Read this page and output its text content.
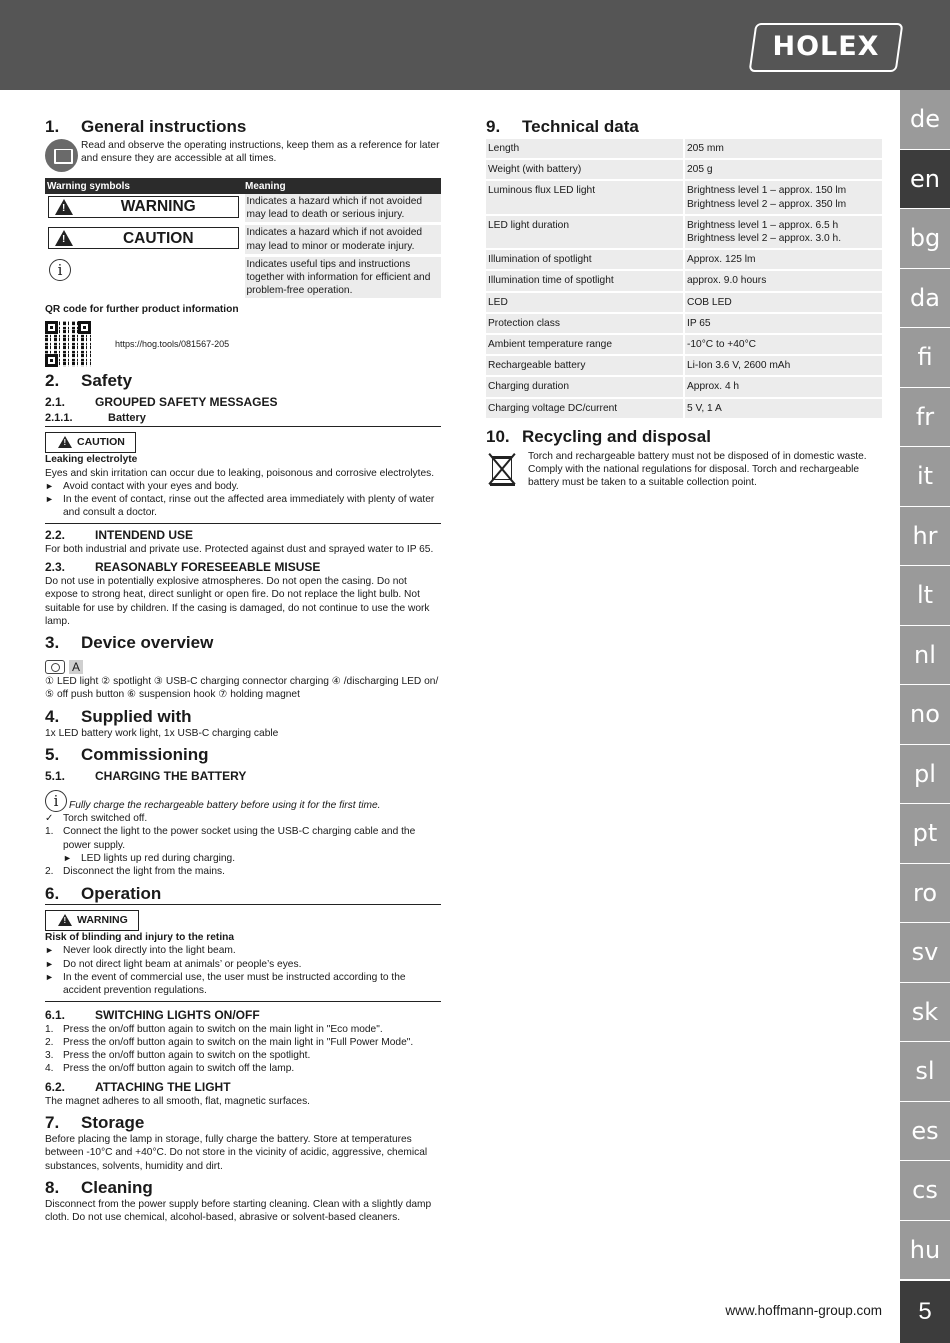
HOLEX
de
en
bg
da
fi
fr
it
hr
lt
nl
no
pl
pt
ro
sv
sk
sl
es
cs
hu
5
1.	General instructions

Read and observe the operating instructions, keep them as a reference for later and ensure they are accessible at all times.

Warning symbols	Meaning

!
WARNING	Indicates a hazard which if not avoided may lead to death or serious injury.

!
CAUTION	Indicates a hazard which if not avoided may lead to minor or moderate injury.

i	Indicates useful tips and instructions together with information for efficient and problem-free operation.

QR code for further product information

https://hog.tools/081567-205
2.	Safety
2.1.	GROUPED SAFETY MESSAGES
2.1.1.	Battery
!
CAUTION

Leaking electrolyte

Eyes and skin irritation can occur due to leaking, poisonous and corrosive electrolytes.

► Avoid contact with your eyes and body.
► In the event of contact, rinse out the affected area immediately with plenty of water and consult a doctor.
2.2.	INTENDEND USE

For both industrial and private use. Protected against dust and sprayed water to IP 65.

2.3.	REASONABLY FORESEEABLE MISUSE

Do not use in potentially explosive atmospheres. Do not open the casing. Do not expose to strong heat, direct sunlight or open fire. Do not replace the light bulb. Not suitable for use by children. If the casing is damaged, do not continue to use the work lamp.

3.	Device overview
A

① LED light ② spotlight ③ USB-C charging connector charging ④ /discharging LED on/ ⑤ off push button ⑥ suspension hook ⑦ holding magnet

4.	Supplied with

1x LED battery work light, 1x USB-C charging cable

5.	Commissioning
5.1.	CHARGING THE BATTERY
i	Fully charge the rechargeable battery before using it for the first time.

✓ Torch switched off.
1. Connect the light to the power socket using the USB-C charging cable and the power supply.
► LED lights up red during charging.
2. Disconnect the light from the mains.
6.	Operation
!
WARNING

Risk of blinding and injury to the retina

► Never look directly into the light beam.
► Do not direct light beam at animals’ or people’s eyes.
► In the event of commercial use, the user must be instructed according to the accident prevention regulations.
6.1.	SWITCHING LIGHTS ON/OFF
1. Press the on/off button again to switch on the main light in "Eco mode".
2. Press the on/off button again to switch on the main light in "Full Power Mode".
3. Press the on/off button again to switch on the spotlight.
4. Press the on/off button again to switch off the lamp.
6.2.	ATTACHING THE LIGHT

The magnet adheres to all smooth, flat, magnetic surfaces.

7.	Storage

Before placing the lamp in storage, fully charge the battery. Store at temperatures between -10°C and +40°C. Do not store in the vicinity of acidic, aggressive, chemical substances, solvents, humidity and dirt.

8.	Cleaning

Disconnect from the power supply before starting cleaning. Clean with a slightly damp cloth. Do not use chemical, alcohol-based, abrasive or solvent-based cleaners.

9.	Technical data
Length	205 mm
Weight (with battery)	205 g
Luminous flux LED light	Brightness level 1 – approx. 150 lm
Brightness level 2 – approx. 350 lm
LED light duration	Brightness level 1 – approx. 6.5 h
Brightness level 2 – approx. 3.0 h.
Illumination of spotlight	Approx. 125 lm
Illumination time of spotlight	approx. 9.0 hours
LED	COB LED
Protection class	IP 65
Ambient temperature range	-10°C to +40°C
Rechargeable battery	Li-Ion 3.6 V, 2600 mAh
Charging duration	Approx. 4 h
Charging voltage DC/current	5 V, 1 A
10. Recycling and disposal

Torch and rechargeable battery must not be disposed of in domestic waste. Comply with the national regulations for disposal. Torch and rechargeable battery must be taken to a suitable collection point.

www.hoffmann-group.com
